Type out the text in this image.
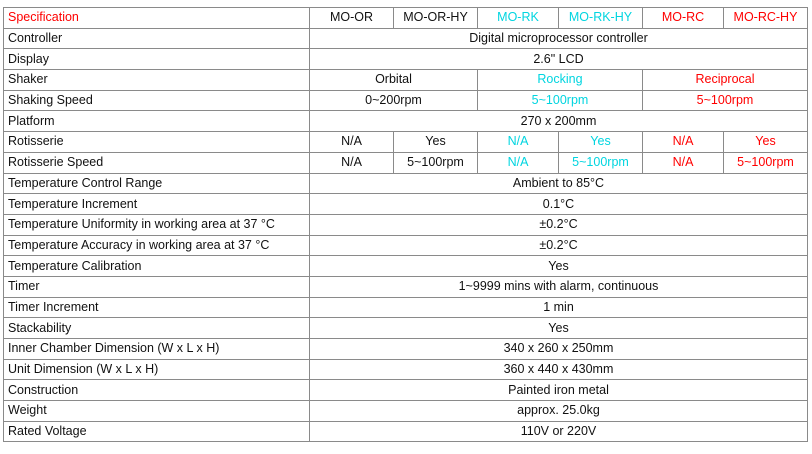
Specification	MO-OR	MO-OR-HY	MO-RK	MO-RK-HY	MO-RC	MO-RC-HY
Controller	Digital microprocessor controller					
Display	2.6" LCD					
Shaker	Orbital		Rocking		Reciprocal	
Shaking Speed	0~200rpm		5~100rpm		5~100rpm	
Platform	270 x 200mm					
Rotisserie	N/A	Yes	N/A	Yes	N/A	Yes
Rotisserie Speed	N/A	5~100rpm	N/A	5~100rpm	N/A	5~100rpm
Temperature Control Range	Ambient to 85°C					
Temperature Increment	0.1°C					
Temperature Uniformity in working area at 37 °C	±0.2°C					
Temperature Accuracy in working area at 37 °C	±0.2°C					
Temperature Calibration	Yes					
Timer	1~9999 mins with alarm, continuous					
Timer Increment	1 min					
Stackability	Yes					
Inner Chamber Dimension (W x L x H)	340 x 260 x 250mm					
Unit Dimension (W x L x H)	360 x 440 x 430mm					
Construction	Painted iron metal					
Weight	approx. 25.0kg					
Rated Voltage	110V or 220V					
